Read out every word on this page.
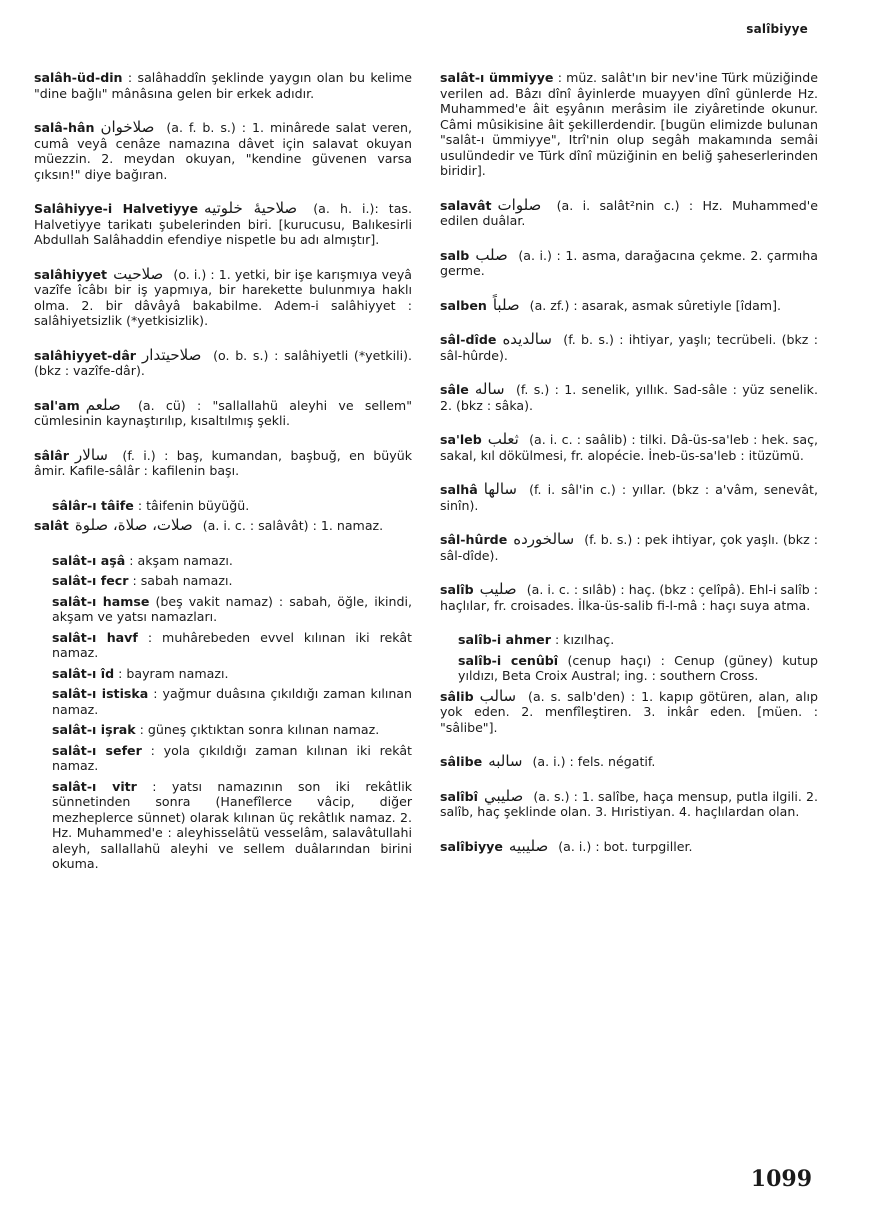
salîbiyye
salâh-üd-din : salâhaddîn şeklinde yaygın olan bu kelime "dine bağlı" mânâsına gelen bir erkek adıdır.
salâ-hân صلاخوان (a. f. b. s.) : 1. minârede salat veren, cumâ veyâ cenâze namazına dâvet için salavat okuyan müezzin. 2. meydan okuyan, "kendine güvenen varsa çıksın!" diye bağıran.
Salâhiyye-i Halvetiyye صلاحيۀ خلوتيه (a. h. i.): tas. Halvetiyye tarikatı şubelerinden biri. [kurucusu, Balıkesirli Abdullah Salâhaddin efendiye nispetle bu adı almıştır].
salâhiyyet صلاحيت (o. i.) : 1. yetki, bir işe karışmıya veyâ vazîfe îcâbı bir iş yapmıya, bir harekette bulunmıya haklı olma. 2. bir dâvâyâ bakabilme. Adem-i salâhiyyet : salâhiyetsizlik (*yetkisizlik).
salâhiyyet-dâr صلاحيتدار (o. b. s.) : salâhiyetli (*yetkili). (bkz : vazîfe-dâr).
sal'am صلعم (a. cü) : "sallallahü aleyhi ve sellem" cümlesinin kaynaştırılıp, kısaltılmış şekli.
sâlâr سالار (f. i.) : baş, kumandan, başbuğ, en büyük âmir. Kafile-sâlâr : kafilenin başı.
sâlâr-ı tâife : tâifenin büyüğü.
salât صلات، صلاة، صلوة (a. i. c. : salâvât) : 1. namaz.
salât-ı aşâ : akşam namazı.
salât-ı fecr : sabah namazı.
salât-ı hamse (beş vakit namaz) : sabah, öğle, ikindi, akşam ve yatsı namazları.
salât-ı havf : muhârebeden evvel kılınan iki rekât namaz.
salât-ı îd : bayram namazı.
salât-ı istiska : yağmur duâsına çıkıldığı zaman kılınan namaz.
salât-ı işrak : güneş çıktıktan sonra kılınan namaz.
salât-ı sefer : yola çıkıldığı zaman kılınan iki rekât namaz.
salât-ı vitr : yatsı namazının son iki rekâtlik sünnetinden sonra (Hanefîlerce vâcip, diğer mezheplerce sünnet) olarak kılınan üç rekâtlık namaz. 2. Hz. Muhammed'e : aleyhisselâtü vesselâm, salavâtullahi aleyh, sallallahü aleyhi ve sellem duâlarından birini okuma.
salât-ı ümmiyye : müz. salât'ın bir nev'ine Türk müziğinde verilen ad. Bâzı dînî âyinlerde muayyen dînî günlerde Hz. Muhammed'e âit eşyânın merâsim ile ziyâretinde okunur. Câmi mûsikisine âit şekillerdendir. [bugün elimizde bulunan "salât-ı ümmiyye", Itrî'nin olup segâh makamında semâi usulündedir ve Türk dînî müziğinin en beliğ şaheserlerinden biridir].
salavât صلوات (a. i. salât²nin c.) : Hz. Muhammed'e edilen duâlar.
salb صلب (a. i.) : 1. asma, darağacına çekme. 2. çarmıha germe.
salben صلباً (a. zf.) : asarak, asmak sûretiyle [îdam].
sâl-dîde سالديده (f. b. s.) : ihtiyar, yaşlı; tecrübeli. (bkz : sâl-hûrde).
sâle ساله (f. s.) : 1. senelik, yıllık. Sad-sâle : yüz senelik. 2. (bkz : sâka).
sa'leb ثعلب (a. i. c. : saâlib) : tilki. Dâ-üs-sa'leb : hek. saç, sakal, kıl dökülmesi, fr. alopécie. İneb-üs-sa'leb : itüzümü.
salhâ سالها (f. i. sâl'in c.) : yıllar. (bkz : a'vâm, senevât, sinîn).
sâl-hûrde سالخورده (f. b. s.) : pek ihtiyar, çok yaşlı. (bkz : sâl-dîde).
salîb صليب (a. i. c. : sılâb) : haç. (bkz : çelîpâ). Ehl-i salîb : haçlılar, fr. croisades. İlka-üs-salib fi-l-mâ : haçı suya atma.
salîb-i ahmer : kızılhaç.
salîb-i cenûbî (cenup haçı) : Cenup (güney) kutup yıldızı, Beta Croix Austral; ing. : southern Cross.
sâlib سالب (a. s. salb'den) : 1. kapıp götüren, alan, alıp yok eden. 2. menfîleştiren. 3. inkâr eden. [müen. : "sâlibe"].
sâlibe سالبه (a. i.) : fels. négatif.
salîbî صليبي (a. s.) : 1. salîbe, haça mensup, putla ilgili. 2. salîb, haç şeklinde olan. 3. Hıristiyan. 4. haçlılardan olan.
salîbiyye صليبيه (a. i.) : bot. turpgiller.
1099
